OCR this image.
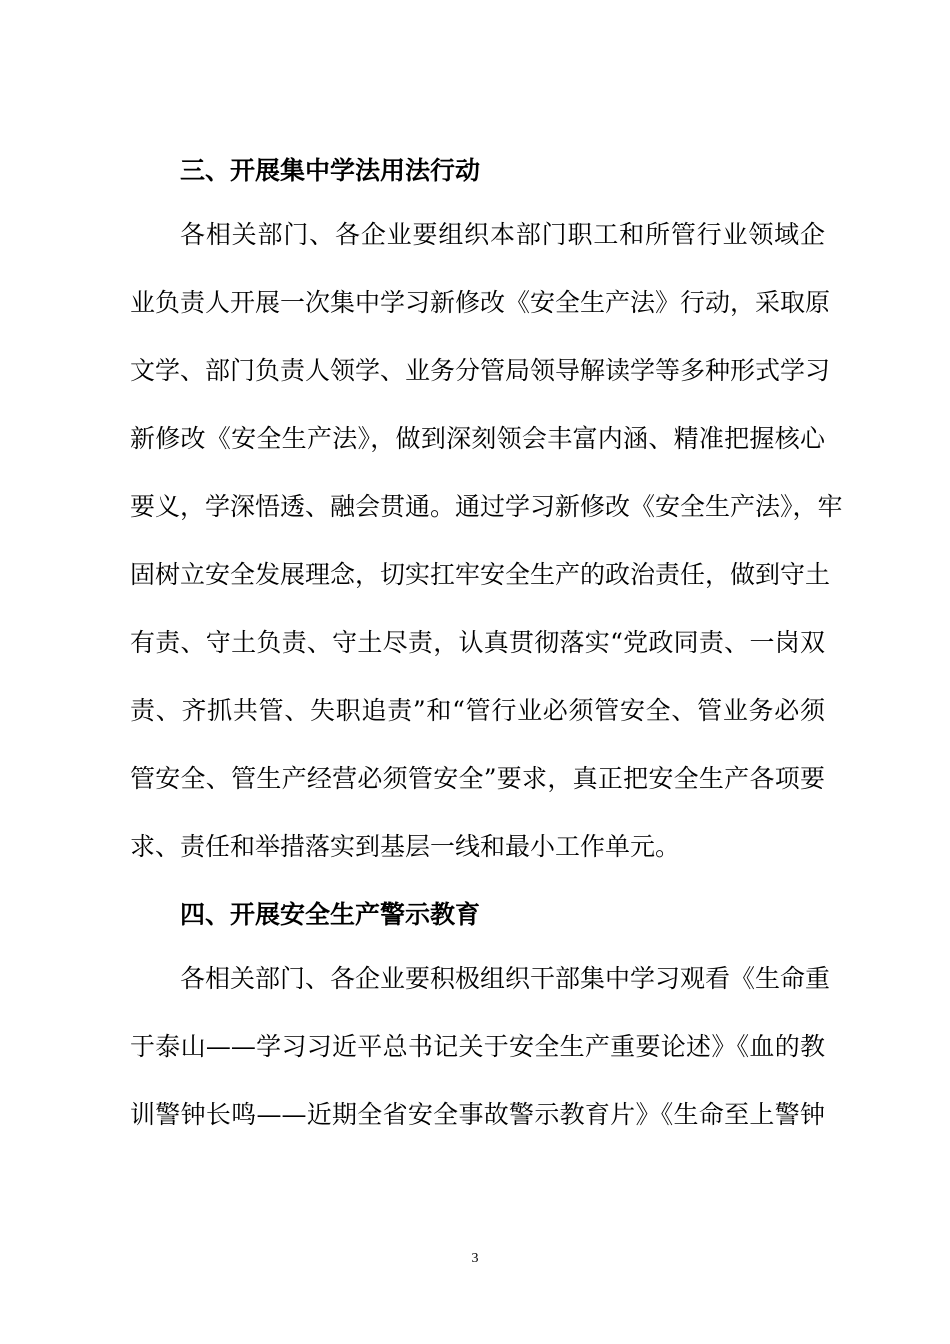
三、开展集中学法用法行动
各相关部门、各企业要组织本部门职工和所管行业领域企
业负责人开展一次集中学习新修改《安全生产法》行动，采取原
文学、部门负责人领学、业务分管局领导解读学等多种形式学习
新修改《安全生产法》，做到深刻领会丰富内涵、精准把握核心
要义，学深悟透、融会贯通。通过学习新修改《安全生产法》，牢
固树立安全发展理念，切实扛牢安全生产的政治责任，做到守土
有责、守土负责、守土尽责，认真贯彻落实“党政同责、一岗双
责、齐抓共管、失职追责”和“管行业必须管安全、管业务必须
管安全、管生产经营必须管安全”要求，真正把安全生产各项要
求、责任和举措落实到基层一线和最小工作单元。
四、开展安全生产警示教育
各相关部门、各企业要积极组织干部集中学习观看《生命重
于泰山——学习习近平总书记关于安全生产重要论述》《血的教
训警钟长鸣——近期全省安全事故警示教育片》《生命至上警钟
3
